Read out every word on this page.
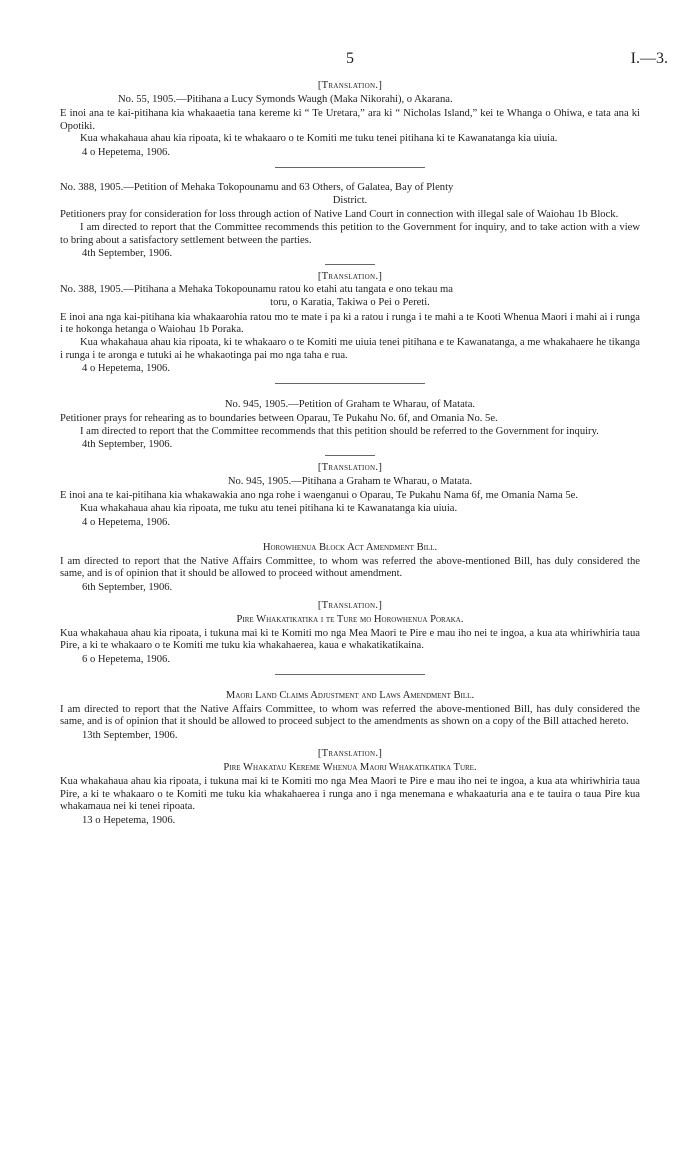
5	I.—3.
[Translation.]
No. 55, 1905.—Pitihana a Lucy Symonds Waugh (Maka Nikorahi), o Akarana.

E inoi ana te kai-pitihana kia whakaaetia tana kereme ki “ Te Uretara,” ara ki “ Nicholas Island,” kei te Whanga o Ohiwa, e tata ana ki Opotiki.

Kua whakahaua ahau kia ripoata, ki te whakaaro o te Komiti me tuku tenei pitihana ki te Kawanatanga kia uiuia.

4 o Hepetema, 1906.
No. 388, 1905.—Petition of Mehaka Tokopounamu and 63 Others, of Galatea, Bay of Plenty
District.

Petitioners pray for consideration for loss through action of Native Land Court in connection with illegal sale of Waiohau 1b Block.

I am directed to report that the Committee recommends this petition to the Government for inquiry, and to take action with a view to bring about a satisfactory settlement between the parties.

4th September, 1906.
[Translation.]
No. 388, 1905.—Pitihana a Mehaka Tokopounamu ratou ko etahi atu tangata e ono tekau ma
toru, o Karatia, Takiwa o Pei o Pereti.

E inoi ana nga kai-pitihana kia whakaarohia ratou mo te mate i pa ki a ratou i runga i te mahi a te Kooti Whenua Maori i mahi ai i runga i te hokonga hetanga o Waiohau 1b Poraka.

Kua whakahaua ahau kia ripoata, ki te whakaaro o te Komiti me uiuia tenei pitihana e te Kawanatanga, a me whakahaere he tikanga i runga i te aronga e tutuki ai he whakaotinga pai mo nga taha e rua.

4 o Hepetema, 1906.
No. 945, 1905.—Petition of Graham te Wharau, of Matata.

Petitioner prays for rehearing as to boundaries between Oparau, Te Pukahu No. 6f, and Omania No. 5e.

I am directed to report that the Committee recommends that this petition should be referred to the Government for inquiry.

4th September, 1906.
[Translation.]
No. 945, 1905.—Pitihana a Graham te Wharau, o Matata.

E inoi ana te kai-pitihana kia whakawakia ano nga rohe i waenganui o Oparau, Te Pukahu Nama 6f, me Omania Nama 5e.

Kua whakahaua ahau kia ripoata, me tuku atu tenei pitihana ki te Kawanatanga kia uiuia.

4 o Hepetema, 1906.
Horowhenua Block Act Amendment Bill.

I am directed to report that the Native Affairs Committee, to whom was referred the above-mentioned Bill, has duly considered the same, and is of opinion that it should be allowed to proceed without amendment.

6th September, 1906.
[Translation.]
Pire Whakatikatika i te Ture mo Horowhenua Poraka.

Kua whakahaua ahau kia ripoata, i tukuna mai ki te Komiti mo nga Mea Maori te Pire e mau iho nei te ingoa, a kua ata whiriwhiria taua Pire, a ki te whakaaro o te Komiti me tuku kia whakahaerea, kaua e whakatikatikaina.

6 o Hepetema, 1906.
Maori Land Claims Adjustment and Laws Amendment Bill.

I am directed to report that the Native Affairs Committee, to whom was referred the above-mentioned Bill, has duly considered the same, and is of opinion that it should be allowed to proceed subject to the amendments as shown on a copy of the Bill attached hereto.

13th September, 1906.
[Translation.]
Pire Whakatau Kereme Whenua Maori Whakatikatika Ture.

Kua whakahaua ahau kia ripoata, i tukuna mai ki te Komiti mo nga Mea Maori te Pire e mau iho nei te ingoa, a kua ata whiriwhiria taua Pire, a ki te whakaaro o te Komiti me tuku kia whakahaerea i runga ano i nga menemana e whakaaturia ana e te tauira o taua Pire kua whakamaua nei ki tenei ripoata.

13 o Hepetema, 1906.
